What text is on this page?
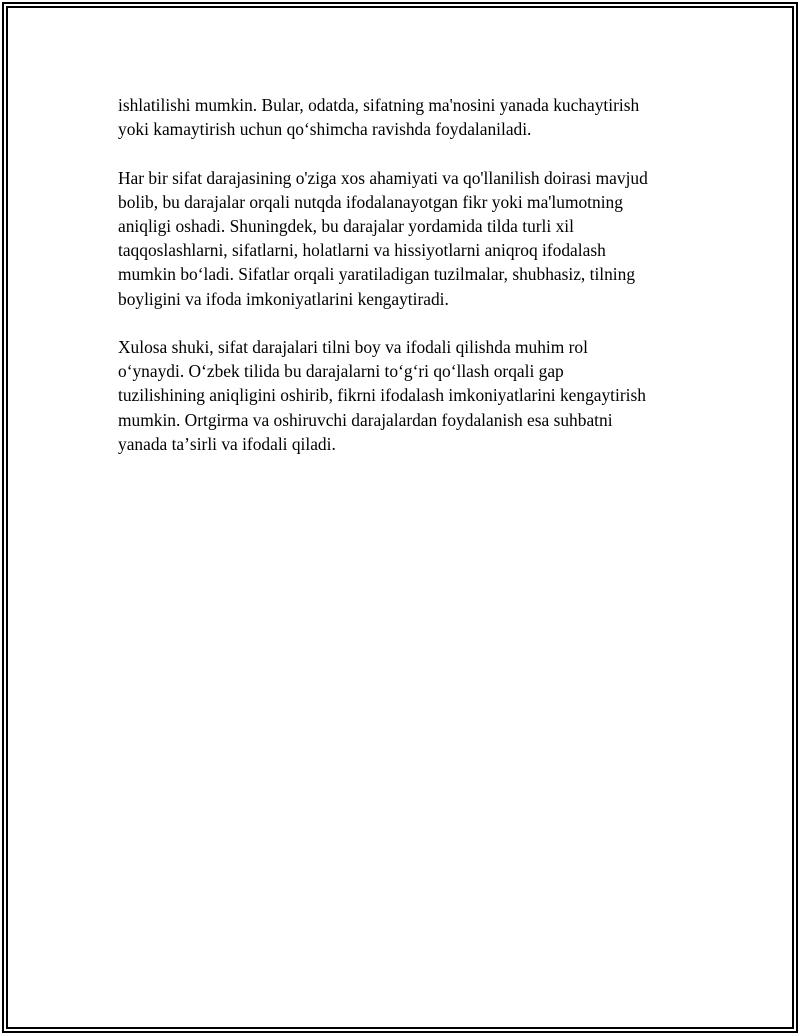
ishlatilishi mumkin. Bular, odatda, sifatning ma'nosini yanada kuchaytirish
yoki kamaytirish uchun qoʻshimcha ravishda foydalaniladi.

Har bir sifat darajasining o'ziga xos ahamiyati va qo'llanilish doirasi mavjud
bolib, bu darajalar orqali nutqda ifodalanayotgan fikr yoki ma'lumotning
aniqligi oshadi. Shuningdek, bu darajalar yordamida tilda turli xil
taqqoslashlarni, sifatlarni, holatlarni va hissiyotlarni aniqroq ifodalash
mumkin boʻladi. Sifatlar orqali yaratiladigan tuzilmalar, shubhasiz, tilning
boyligini va ifoda imkoniyatlarini kengaytiradi.

Xulosa shuki, sifat darajalari tilni boy va ifodali qilishda muhim rol
oʻynaydi. Oʻzbek tilida bu darajalarni toʻgʻri qoʻllash orqali gap
tuzilishining aniqligini oshirib, fikrni ifodalash imkoniyatlarini kengaytirish
mumkin. Ortgirma va oshiruvchi darajalardan foydalanish esa suhbatni
yanada taʼsirli va ifodali qiladi.
